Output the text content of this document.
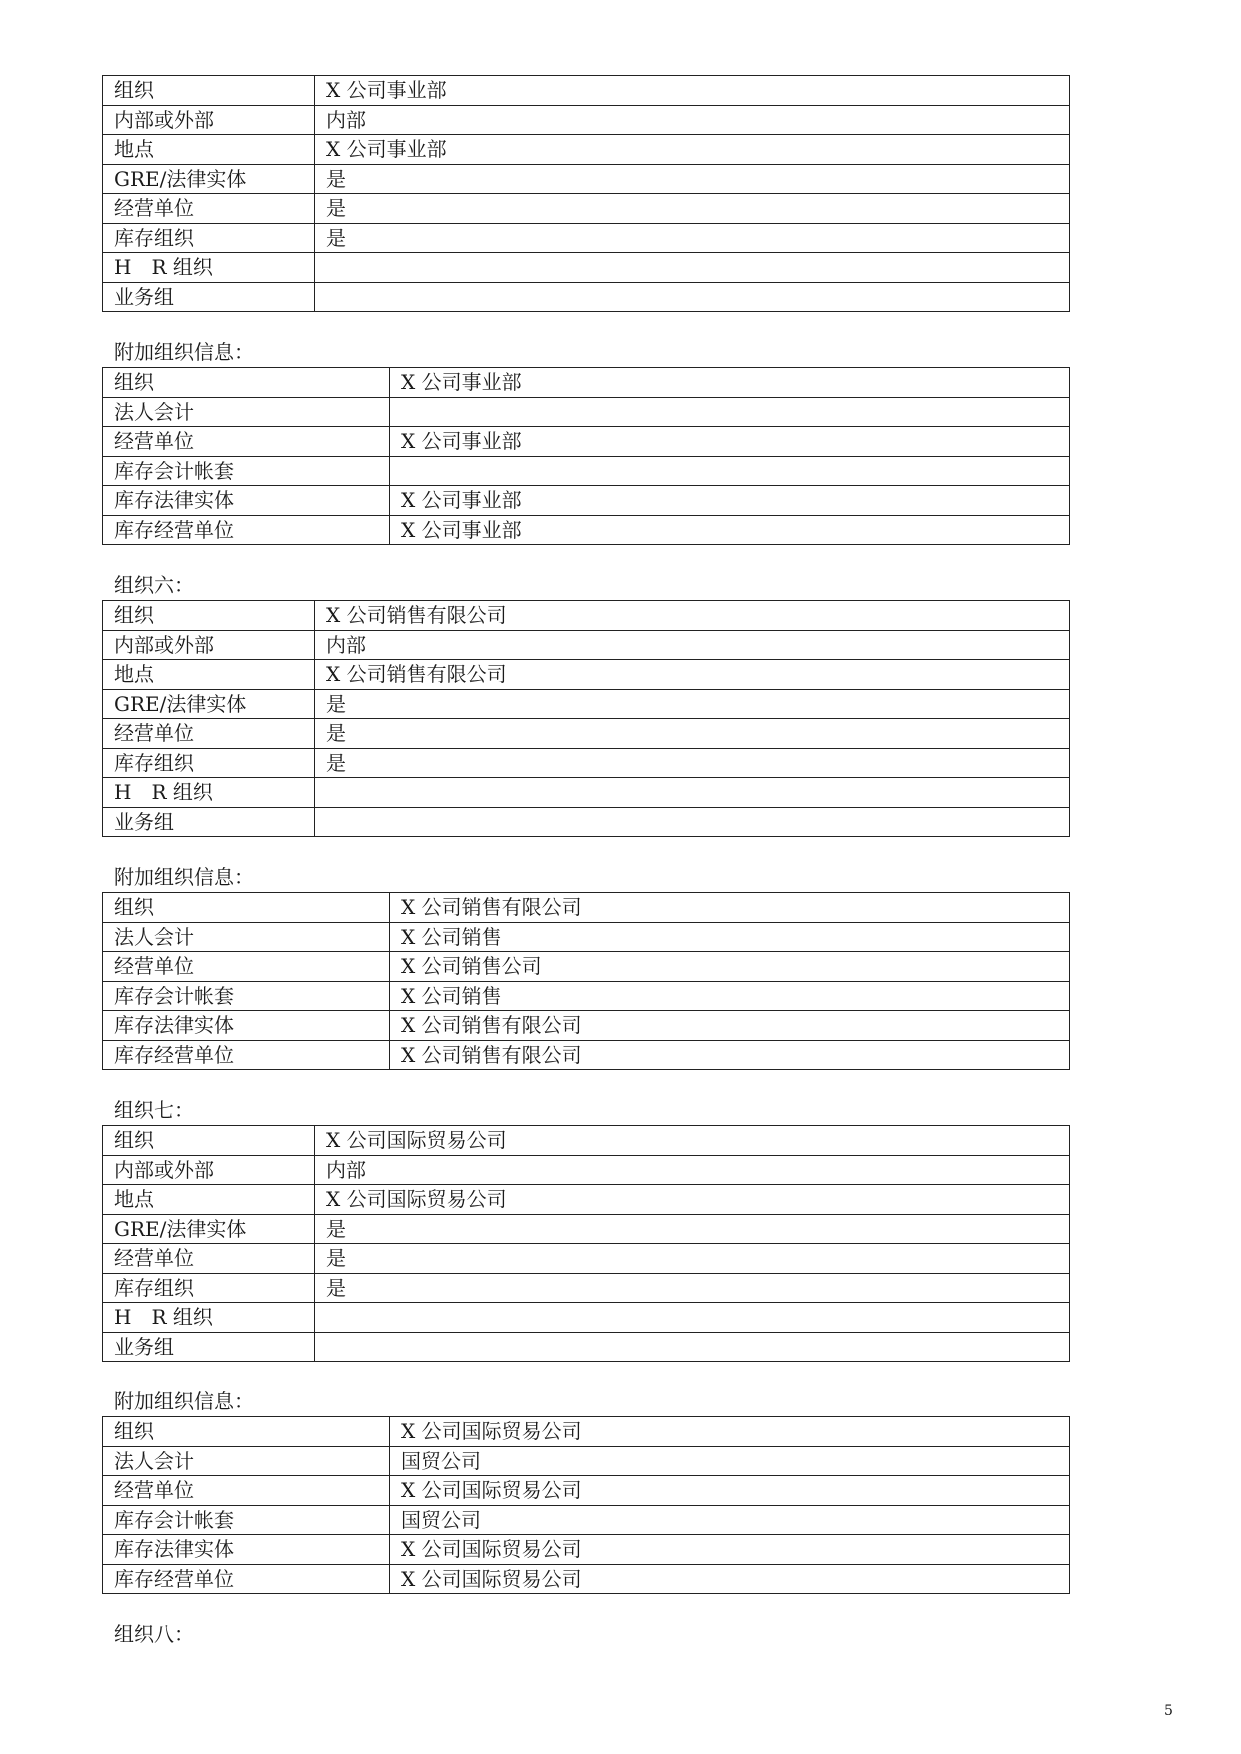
组织	X 公司事业部
内部或外部	内部
地点	X 公司事业部
GRE/法律实体	是
经营单位	是
库存组织	是
H　R 组织	
业务组	
附加组织信息：
组织	X 公司事业部
法人会计	
经营单位	X 公司事业部
库存会计帐套	
库存法律实体	X 公司事业部
库存经营单位	X 公司事业部
组织六：
组织	X 公司销售有限公司
内部或外部	内部
地点	X 公司销售有限公司
GRE/法律实体	是
经营单位	是
库存组织	是
H　R 组织	
业务组	
附加组织信息：
组织	X 公司销售有限公司
法人会计	X 公司销售
经营单位	X 公司销售公司
库存会计帐套	X 公司销售
库存法律实体	X 公司销售有限公司
库存经营单位	X 公司销售有限公司
组织七：
组织	X 公司国际贸易公司
内部或外部	内部
地点	X 公司国际贸易公司
GRE/法律实体	是
经营单位	是
库存组织	是
H　R 组织	
业务组	
附加组织信息：
组织	X 公司国际贸易公司
法人会计	国贸公司
经营单位	X 公司国际贸易公司
库存会计帐套	国贸公司
库存法律实体	X 公司国际贸易公司
库存经营单位	X 公司国际贸易公司
组织八：
5
